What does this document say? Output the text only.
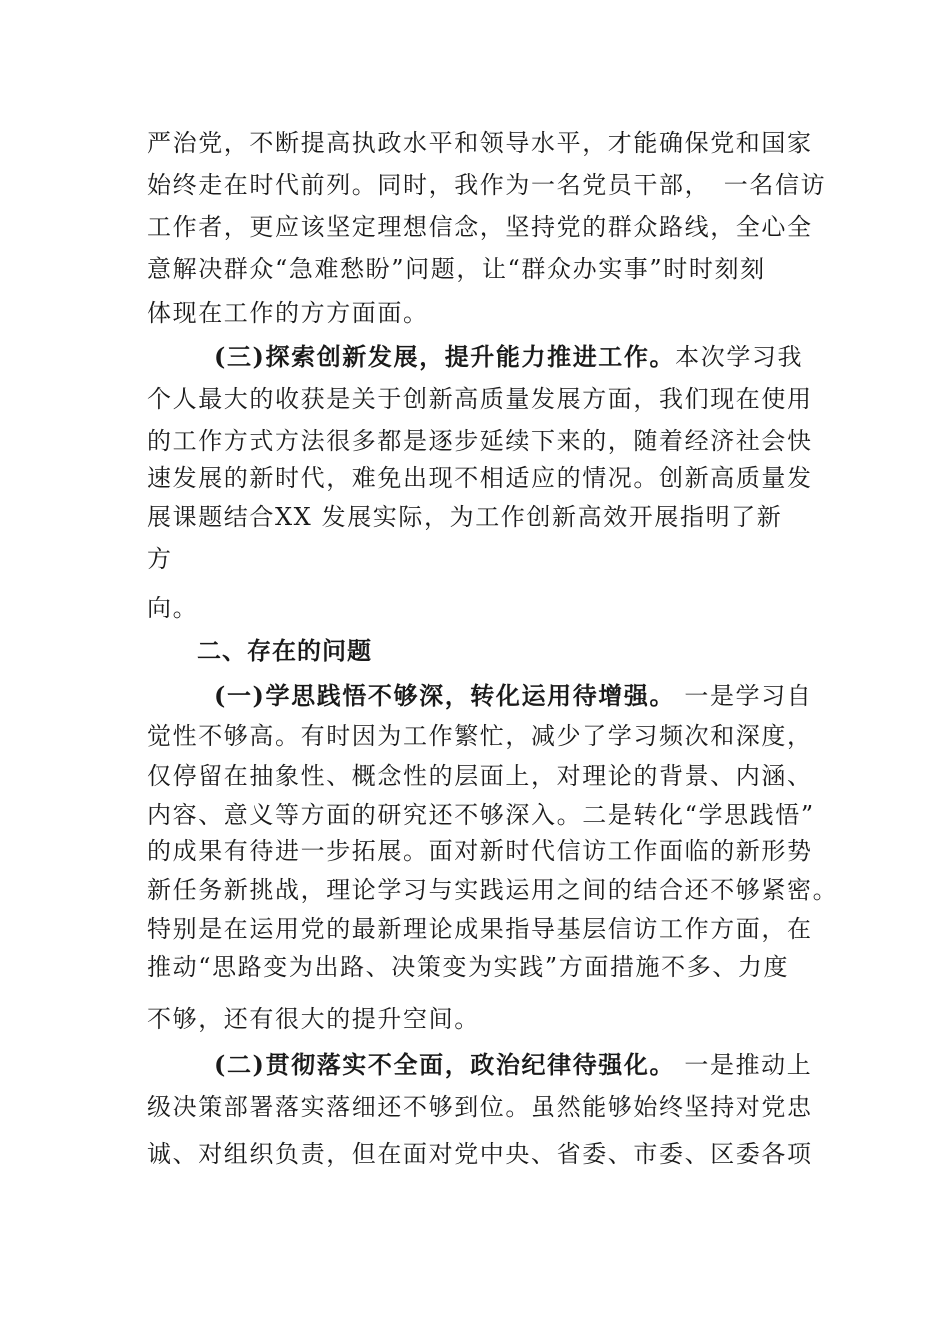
严治党，不断提高执政水平和领导水平，才能确保党和国家
始终走在时代前列。同时，我作为一名党员干部，　一名信访
工作者，更应该坚定理想信念，坚持党的群众路线，全心全
意解决群众“急难愁盼”问题，让“群众办实事”时时刻刻
体现在工作的方方面面。
(三)探索创新发展，提升能力推进工作。本次学习我
个人最大的收获是关于创新高质量发展方面，我们现在使用
的工作方式方法很多都是逐步延续下来的，随着经济社会快
速发展的新时代，难免出现不相适应的情况。创新高质量发
展课题结合XX 发展实际，为工作创新高效开展指明了新
方
向。
二、存在的问题
(一)学思践悟不够深，转化运用待增强。 一是学习自
觉性不够高。有时因为工作繁忙，减少了学习频次和深度，
仅停留在抽象性、概念性的层面上，对理论的背景、内涵、
内容、意义等方面的研究还不够深入。二是转化“学思践悟”
的成果有待进一步拓展。面对新时代信访工作面临的新形势
新任务新挑战，理论学习与实践运用之间的结合还不够紧密。
特别是在运用党的最新理论成果指导基层信访工作方面，在
推动“思路变为出路、决策变为实践”方面措施不多、力度
不够，还有很大的提升空间。
(二)贯彻落实不全面，政治纪律待强化。 一是推动上
级决策部署落实落细还不够到位。虽然能够始终坚持对党忠
诚、对组织负责，但在面对党中央、省委、市委、区委各项
